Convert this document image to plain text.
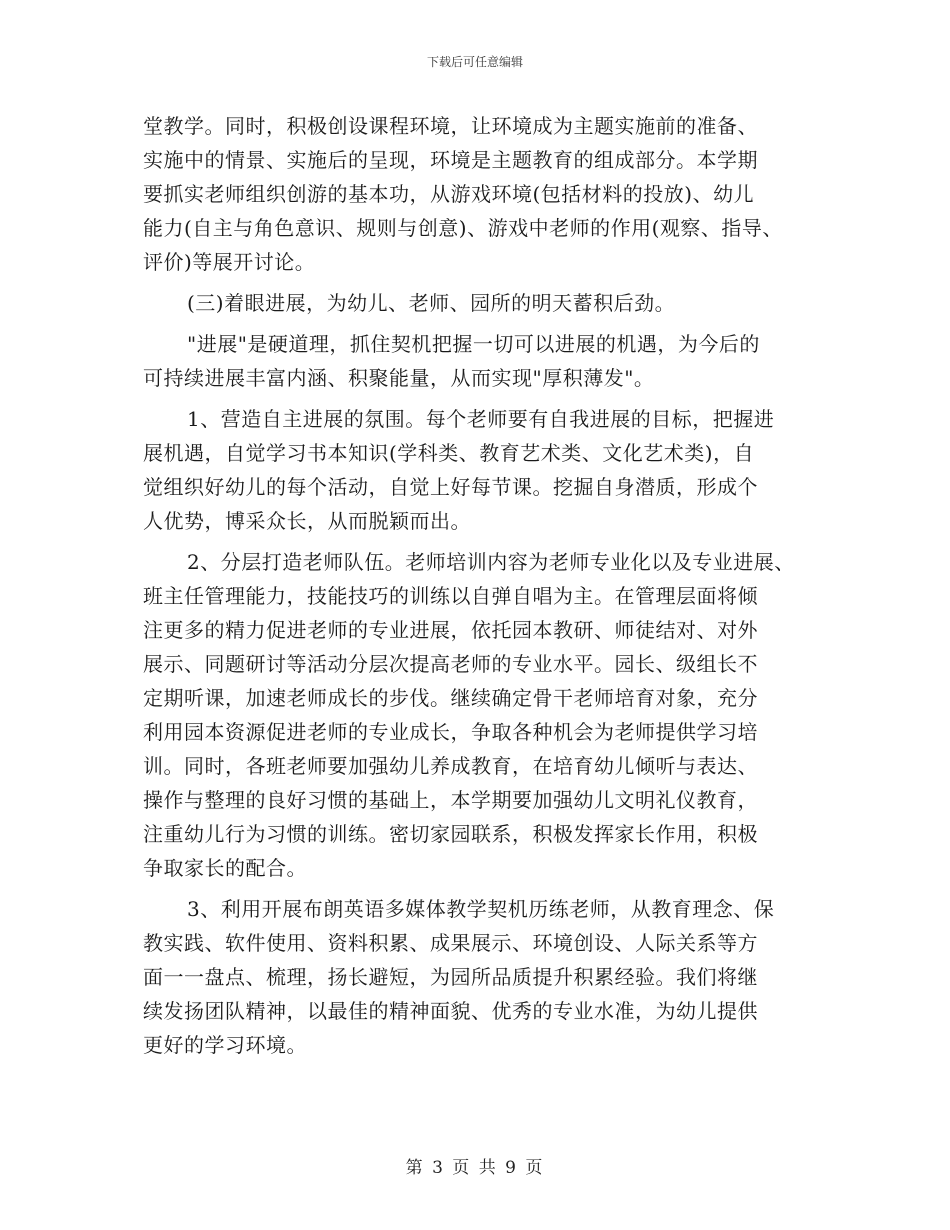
下载后可任意编辑
堂教学。同时，积极创设课程环境，让环境成为主题实施前的准备、
实施中的情景、实施后的呈现，环境是主题教育的组成部分。本学期
要抓实老师组织创游的基本功，从游戏环境(包括材料的投放)、幼儿
能力(自主与角色意识、规则与创意)、游戏中老师的作用(观察、指导、
评价)等展开讨论。
(三)着眼进展，为幼儿、老师、园所的明天蓄积后劲。
"进展"是硬道理，抓住契机把握一切可以进展的机遇，为今后的
可持续进展丰富内涵、积聚能量，从而实现"厚积薄发"。
1、营造自主进展的氛围。每个老师要有自我进展的目标，把握进
展机遇，自觉学习书本知识(学科类、教育艺术类、文化艺术类)，自
觉组织好幼儿的每个活动，自觉上好每节课。挖掘自身潜质，形成个
人优势，博采众长，从而脱颖而出。
2、分层打造老师队伍。老师培训内容为老师专业化以及专业进展、
班主任管理能力，技能技巧的训练以自弹自唱为主。在管理层面将倾
注更多的精力促进老师的专业进展，依托园本教研、师徒结对、对外
展示、同题研讨等活动分层次提高老师的专业水平。园长、级组长不
定期听课，加速老师成长的步伐。继续确定骨干老师培育对象，充分
利用园本资源促进老师的专业成长，争取各种机会为老师提供学习培
训。同时，各班老师要加强幼儿养成教育，在培育幼儿倾听与表达、
操作与整理的良好习惯的基础上，本学期要加强幼儿文明礼仪教育，
注重幼儿行为习惯的训练。密切家园联系，积极发挥家长作用，积极
争取家长的配合。
3、利用开展布朗英语多媒体教学契机历练老师，从教育理念、保
教实践、软件使用、资料积累、成果展示、环境创设、人际关系等方
面一一盘点、梳理，扬长避短，为园所品质提升积累经验。我们将继
续发扬团队精神，以最佳的精神面貌、优秀的专业水准，为幼儿提供
更好的学习环境。
第 3 页 共 9 页
